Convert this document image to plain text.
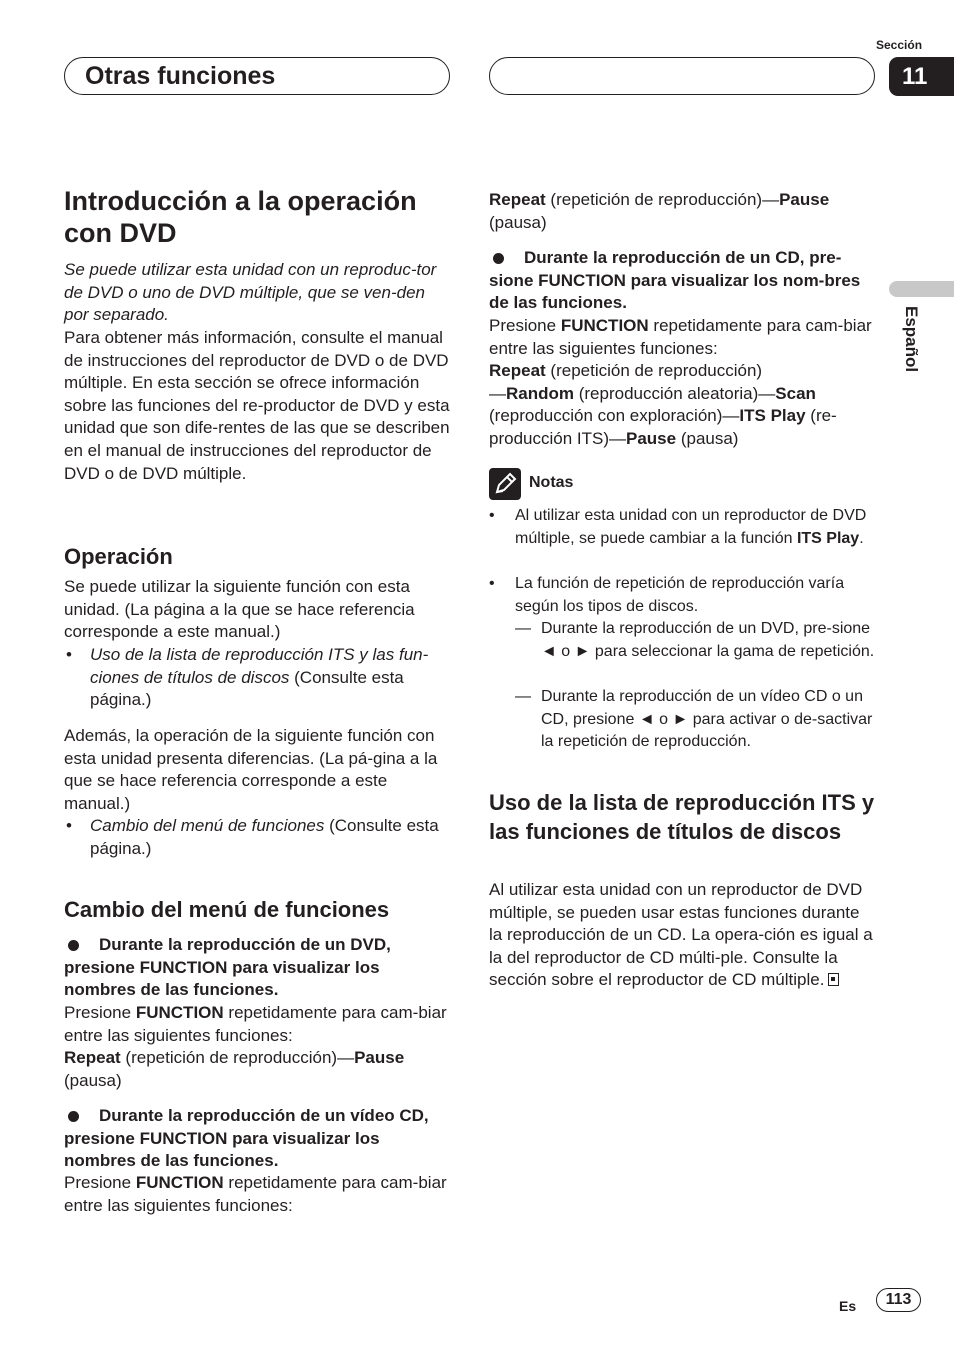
Otras funciones
Sección
11
Español
Introducción a la operación con DVD

Se puede utilizar esta unidad con un reproduc-tor de DVD o uno de DVD múltiple, que se ven-den por separado.

Para obtener más información, consulte el manual de instrucciones del reproductor de DVD o de DVD múltiple. En esta sección se ofrece información sobre las funciones del re-productor de DVD y esta unidad que son dife-rentes de las que se describen en el manual de instrucciones del reproductor de DVD o de DVD múltiple.

Operación

Se puede utilizar la siguiente función con esta unidad. (La página a la que se hace referencia corresponde a este manual.)

• Uso de la lista de reproducción ITS y las fun-ciones de títulos de discos (Consulte esta página.)

Además, la operación de la siguiente función con esta unidad presenta diferencias. (La pá-gina a la que se hace referencia corresponde a este manual.)

• Cambio del menú de funciones (Consulte esta página.)
Cambio del menú de funciones
Durante la reproducción de un DVD, presione FUNCTION para visualizar los nombres de las funciones.

Presione FUNCTION repetidamente para cam-biar entre las siguientes funciones:

Repeat (repetición de reproducción)—Pause
(pausa)

Durante la reproducción de un vídeo CD, presione FUNCTION para visualizar los nombres de las funciones.

Presione FUNCTION repetidamente para cam-biar entre las siguientes funciones:

Repeat (repetición de reproducción)—Pause
(pausa)

Durante la reproducción de un CD, pre-sione FUNCTION para visualizar los nom-bres de las funciones.

Presione FUNCTION repetidamente para cam-biar entre las siguientes funciones:

Repeat (repetición de reproducción)
—Random (reproducción aleatoria)—Scan
(reproducción con exploración)—ITS Play (re-producción ITS)—Pause (pausa)

Notas
• Al utilizar esta unidad con un reproductor de DVD múltiple, se puede cambiar a la función ITS Play.
• La función de repetición de reproducción varía según los tipos de discos.
— Durante la reproducción de un DVD, pre-sione ◄ o ► para seleccionar la gama de repetición.
— Durante la reproducción de un vídeo CD o un CD, presione ◄ o ► para activar o de-sactivar la repetición de reproducción.
Uso de la lista de reproducción ITS y las funciones de títulos de discos

Al utilizar esta unidad con un reproductor de DVD múltiple, se pueden usar estas funciones durante la reproducción de un CD. La opera-ción es igual a la del reproductor de CD múlti-ple. Consulte la sección sobre el reproductor de CD múltiple.

Es	113
